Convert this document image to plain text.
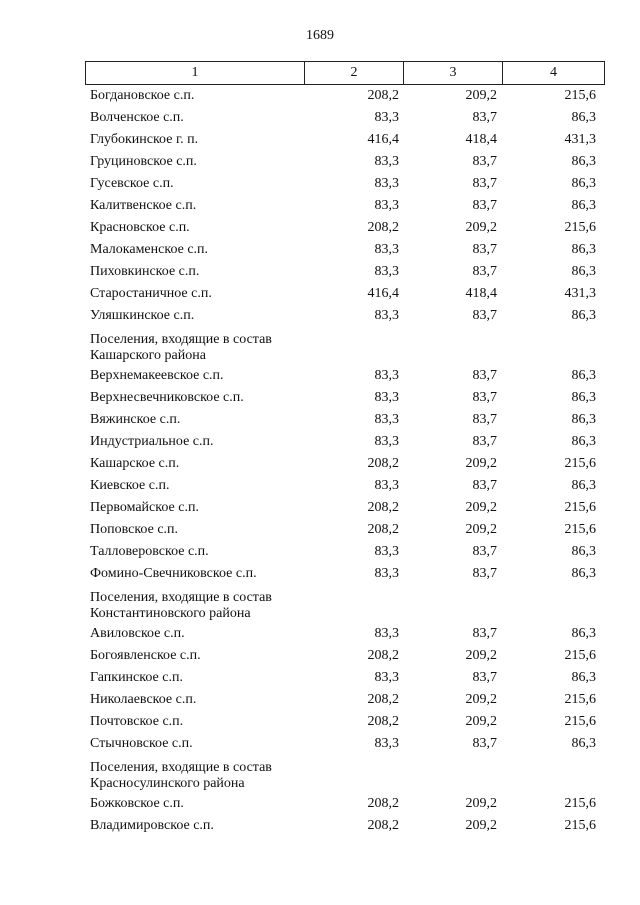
1689
1	2	3	4
Богдановское с.п.	208,2	209,2	215,6
Волченское с.п.	83,3	83,7	86,3
Глубокинское г. п.	416,4	418,4	431,3
Груциновское с.п.	83,3	83,7	86,3
Гусевское с.п.	83,3	83,7	86,3
Калитвенское с.п.	83,3	83,7	86,3
Красновское с.п.	208,2	209,2	215,6
Малокаменское с.п.	83,3	83,7	86,3
Пиховкинское с.п.	83,3	83,7	86,3
Старостаничное с.п.	416,4	418,4	431,3
Уляшкинское с.п.	83,3	83,7	86,3
Поселения, входящие в состав
Кашарского района
Верхнемакеевское с.п.	83,3	83,7	86,3
Верхнесвечниковское с.п.	83,3	83,7	86,3
Вяжинское с.п.	83,3	83,7	86,3
Индустриальное с.п.	83,3	83,7	86,3
Кашарское с.п.	208,2	209,2	215,6
Киевское с.п.	83,3	83,7	86,3
Первомайское с.п.	208,2	209,2	215,6
Поповское с.п.	208,2	209,2	215,6
Талловеровское с.п.	83,3	83,7	86,3
Фомино-Свечниковское с.п.	83,3	83,7	86,3
Поселения, входящие в состав
Константиновского района
Авиловское с.п.	83,3	83,7	86,3
Богоявленское с.п.	208,2	209,2	215,6
Гапкинское с.п.	83,3	83,7	86,3
Николаевское с.п.	208,2	209,2	215,6
Почтовское с.п.	208,2	209,2	215,6
Стычновское с.п.	83,3	83,7	86,3
Поселения, входящие в состав
Красносулинского района
Божковское с.п.	208,2	209,2	215,6
Владимировское с.п.	208,2	209,2	215,6
